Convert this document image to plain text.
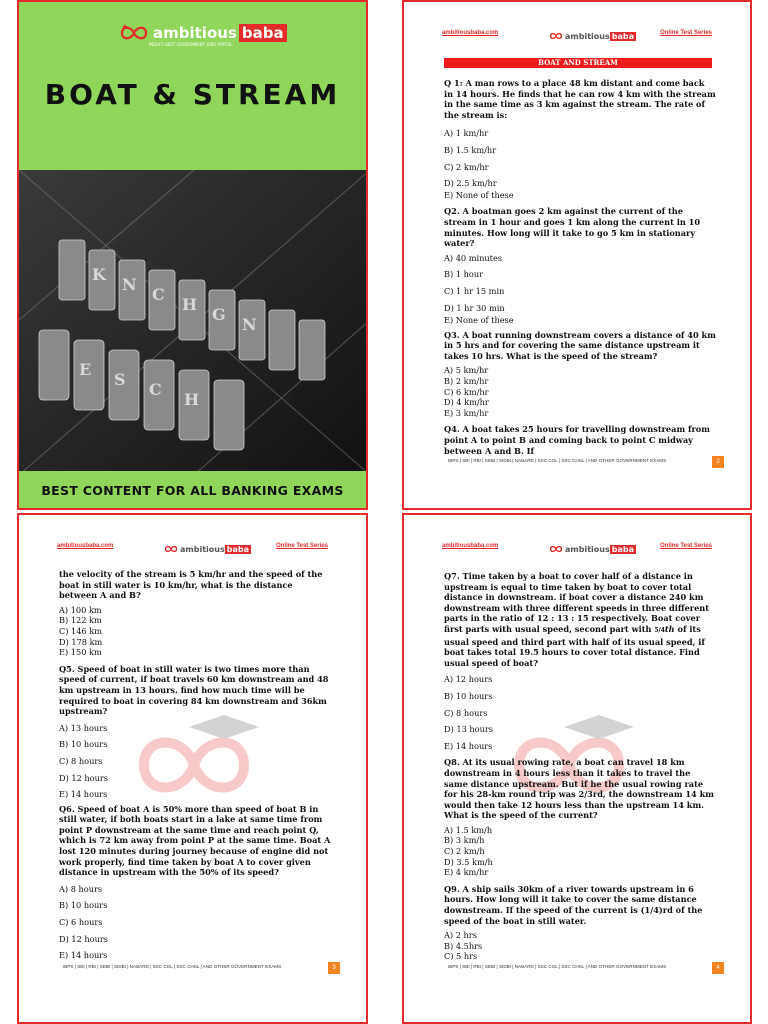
ambitious baba
INDIA'S BEST GOVERNMENT JOBS PORTAL
BOAT & STREAM
K
N
C
H
G
N
E
S
C
H
BEST CONTENT FOR ALL BANKING EXAMS
ambitiousbaba.com	ambitious baba	Online Test Series
BOAT AND STREAM

Q 1: A man rows to a place 48 km distant and come back in 14 hours. He finds that he can row 4 km with the stream in the same time as 3 km against the stream. The rate of the stream is:

A) 1 km/hr

B) 1.5 km/hr

C) 2 km/hr

D) 2.5 km/hr

E) None of these

Q2. A boatman goes 2 km against the current of the stream in 1 hour and goes 1 km along the current in 10 minutes. How long will it take to go 5 km in stationary water?

A) 40 minutes

B) 1 hour

C) 1 hr 15 min

D) 1 hr 30 min

E) None of these

Q3. A boat running downstream covers a distance of 40 km in 5 hrs and for covering the same distance upstream it takes 10 hrs. What is the speed of the stream?

A) 5 km/hr

B) 2 km/hr

C) 6 km/hr

D) 4 km/hr

E) 3 km/hr

Q4. A boat takes 25 hours for travelling downstream from point A to point B and coming back to point C midway between A and B. If

IBPS | SBI | RBI | SEBI | SIDBI | NABARD | SSC CGL | SSC CHSL | AND OTHER GOVERNMENT EXAMS	2
ambitiousbaba.com	ambitious baba	Online Test Series

the velocity of the stream is 5 km/hr and the speed of the boat in still water is 10 km/hr, what is the distance between A and B?

A) 100 km

B) 122 km

C) 146 km

D) 178 km

E) 150 km

Q5. Speed of boat in still water is two times more than speed of current, if boat travels 60 km downstream and 48 km upstream in 13 hours. find how much time will be required to boat in covering 84 km downstream and 36km upstream?

A) 13 hours

B) 10 hours

C) 8 hours

D) 12 hours

E) 14 hours

Q6. Speed of boat A is 50% more than speed of boat B in still water, if both boats start in a lake at same time from point P downstream at the same time and reach point Q, which is 72 km away from point P at the same time. Boat A lost 120 minutes during journey because of engine did not work properly, find time taken by boat A to cover given distance in upstream with the 50% of its speed?

A) 8 hours

B) 10 hours

C) 6 hours

D) 12 hours

E) 14 hours

IBPS | SBI | RBI | SEBI | SIDBI | NABARD | SSC CGL | SSC CHSL | AND OTHER GOVERNMENT EXAMS	3
ambitiousbaba.com	ambitious baba	Online Test Series

Q7. Time taken by a boat to cover half of a distance in upstream is equal to time taken by boat to cover total distance in downstream. if boat cover a distance 240 km downstream with three different speeds in three different parts in the ratio of 12 : 13 : 15 respectively. Boat cover first parts with usual speed, second part with 5/4th of its usual speed and third part with half of its usual speed, if boat takes total 19.5 hours to cover total distance. Find usual speed of boat?

A) 12 hours

B) 10 hours

C) 8 hours

D) 13 hours

E) 14 hours

Q8. At its usual rowing rate, a boat can travel 18 km downstream in 4 hours less than it takes to travel the same distance upstream. But if he the usual rowing rate for his 28-km round trip was 2/3rd, the downstream 14 km would then take 12 hours less than the upstream 14 km. What is the speed of the current?

A) 1.5 km/h

B) 3 km/h

C) 2 km/h

D) 3.5 km/h

E) 4 km/hr

Q9. A ship sails 30km of a river towards upstream in 6 hours. How long will it take to cover the same distance downstream. If the speed of the current is (1/4)rd of the speed of the boat in still water.

A) 2 hrs

B) 4.5hrs

C) 5 hrs

IBPS | SBI | RBI | SEBI | SIDBI | NABARD | SSC CGL | SSC CHSL | AND OTHER GOVERNMENT EXAMS	4
